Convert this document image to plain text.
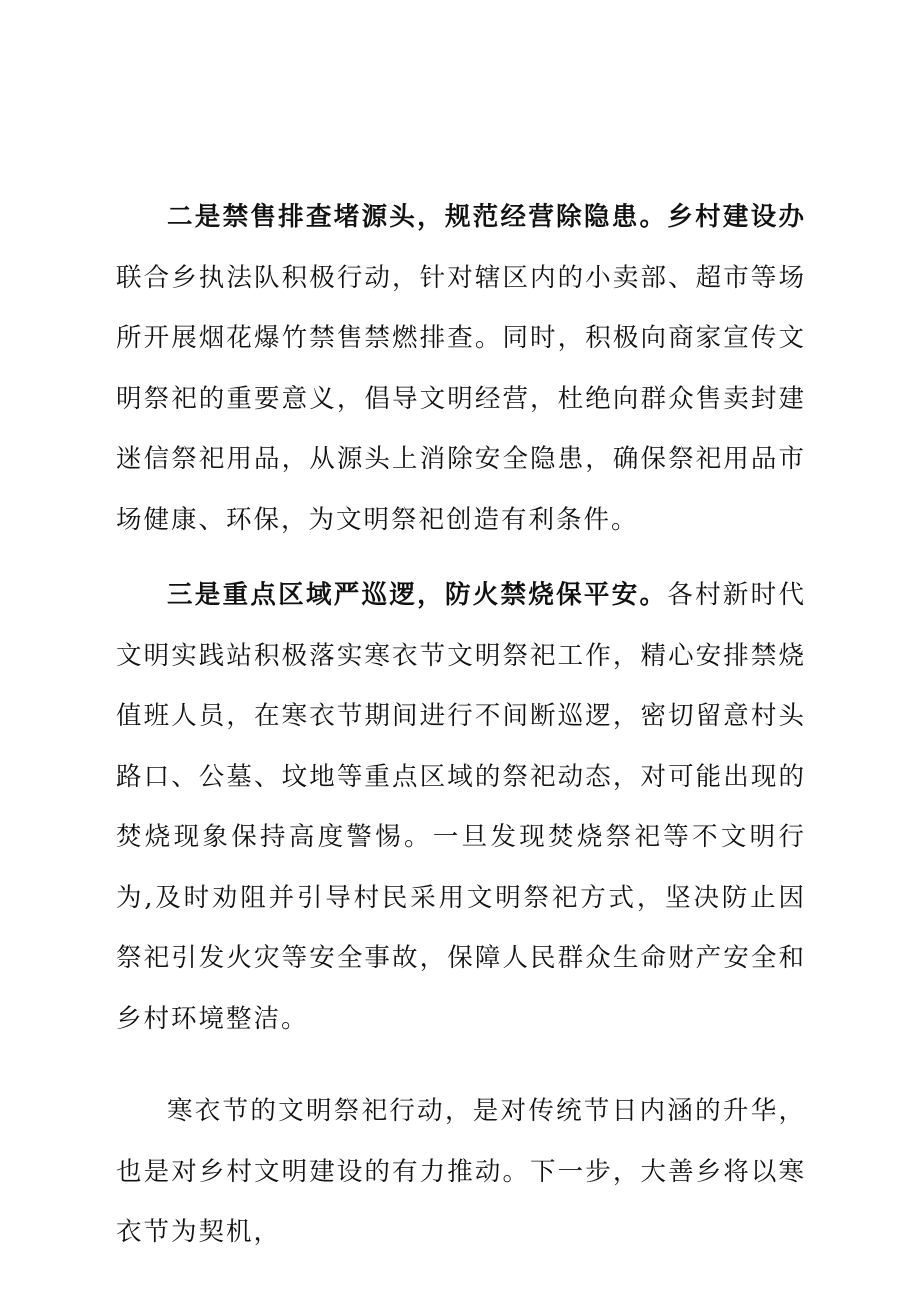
二是禁售排查堵源头，规范经营除隐患。乡村建设办联合乡执法队积极行动，针对辖区内的小卖部、超市等场所开展烟花爆竹禁售禁燃排查。同时，积极向商家宣传文明祭祀的重要意义，倡导文明经营，杜绝向群众售卖封建迷信祭祀用品，从源头上消除安全隐患，确保祭祀用品市场健康、环保，为文明祭祀创造有利条件。

三是重点区域严巡逻，防火禁烧保平安。各村新时代文明实践站积极落实寒衣节文明祭祀工作，精心安排禁烧值班人员，在寒衣节期间进行不间断巡逻，密切留意村头路口、公墓、坟地等重点区域的祭祀动态，对可能出现的焚烧现象保持高度警惕。一旦发现焚烧祭祀等不文明行为,及时劝阻并引导村民采用文明祭祀方式，坚决防止因祭祀引发火灾等安全事故，保障人民群众生命财产安全和乡村环境整洁。

寒衣节的文明祭祀行动，是对传统节日内涵的升华，也是对乡村文明建设的有力推动。下一步，大善乡将以寒衣节为契机，
